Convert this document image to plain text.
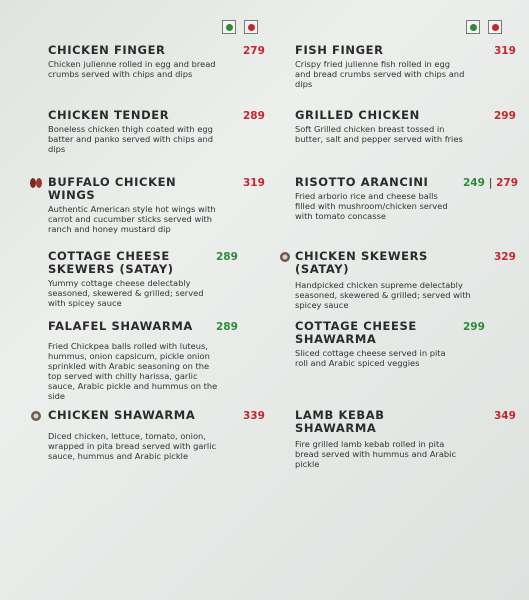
CHICKEN FINGER

Chicken julienne rolled in egg and bread crumbs served with chips and dips

279
CHICKEN TENDER

Boneless chicken thigh coated with egg batter and panko served with chips and dips

289
BUFFALO CHICKEN WINGS

Authentic American style hot wings with carrot and cucumber sticks served with ranch and honey mustard dip

319
COTTAGE CHEESE SKEWERS (SATAY)

Yummy cottage cheese delectably seasoned, skewered & grilled; served with spicey sauce

289
FALAFEL SHAWARMA

Fried Chickpea balls rolled with luteus, hummus, onion capsicum, pickle onion sprinkled with Arabic seasoning on the top served with chilly harissa, garlic sauce, Arabic pickle and hummus on the side

289
CHICKEN SHAWARMA

Diced chicken, lettuce, tomato, onion, wrapped in pita bread served with garlic sauce, hummus and Arabic pickle

339
FISH FINGER

Crispy fried julienne fish rolled in egg and bread crumbs served with chips and dips

319
GRILLED CHICKEN

Soft Grilled chicken breast tossed in butter, salt and pepper served with fries

299
RISOTTO ARANCINI

Fried arborio rice and cheese balls filled with mushroom/chicken served with tomato concasse

249 | 279
CHICKEN SKEWERS (SATAY)

Handpicked chicken supreme delectably seasoned, skewered & grilled; served with spicey sauce

329
COTTAGE CHEESE SHAWARMA

Sliced cottage cheese served in pita roll and Arabic spiced veggies

299
LAMB KEBAB SHAWARMA

Fire grilled lamb kebab rolled in pita bread served with hummus and Arabic pickle

349
